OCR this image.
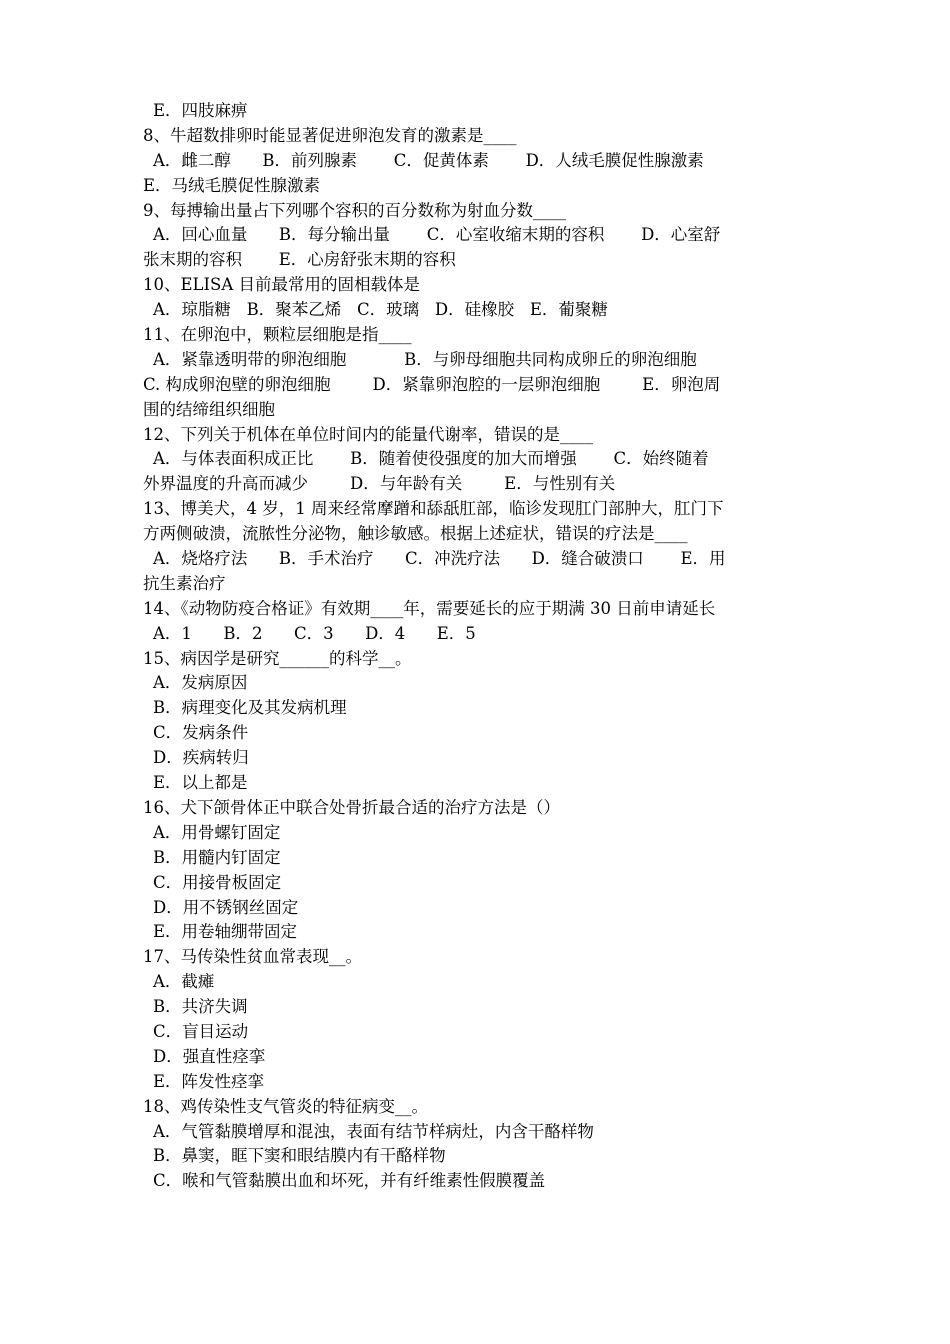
E．四肢麻痹
8、牛超数排卵时能显著促进卵泡发育的激素是____
A．雌二醇      B．前列腺素       C．促黄体素       D．人绒毛膜促性腺激素
E．马绒毛膜促性腺激素
9、每搏输出量占下列哪个容积的百分数称为射血分数____
A．回心血量      B．每分输出量       C．心室收缩末期的容积       D．心室舒
张末期的容积       E．心房舒张末期的容积
10、ELISA 目前最常用的固相载体是
A．琼脂糖   B．聚苯乙烯   C．玻璃   D．硅橡胶   E．葡聚糖
11、在卵泡中，颗粒层细胞是指____
A．紧靠透明带的卵泡细胞           B．与卵母细胞共同构成卵丘的卵泡细胞
C. 构成卵泡壁的卵泡细胞        D．紧靠卵泡腔的一层卵泡细胞        E．卵泡周
围的结缔组织细胞
12、下列关于机体在单位时间内的能量代谢率，错误的是____
A．与体表面积成正比       B．随着使役强度的加大而增强       C．始终随着
外界温度的升高而减少        D．与年龄有关        E．与性别有关
13、博美犬，4 岁，1 周来经常摩蹭和舔舐肛部，临诊发现肛门部肿大，肛门下
方两侧破溃，流脓性分泌物，触诊敏感。根据上述症状，错误的疗法是____
A．烧烙疗法      B．手术治疗      C．冲洗疗法      D．缝合破溃口       E．用
抗生素治疗
14、《动物防疫合格证》有效期____年，需要延长的应于期满 30 日前申请延长
A．1      B．2      C．3      D．4      E．5
15、病因学是研究______的科学__。
A．发病原因
B．病理变化及其发病机理
C．发病条件
D．疾病转归
E．以上都是
16、犬下颌骨体正中联合处骨折最合适的治疗方法是（）
A．用骨螺钉固定
B．用髓内钉固定
C．用接骨板固定
D．用不锈钢丝固定
E．用卷轴绷带固定
17、马传染性贫血常表现__。
A．截瘫
B．共济失调
C．盲目运动
D．强直性痉挛
E．阵发性痉挛
18、鸡传染性支气管炎的特征病变__。
A．气管黏膜增厚和混浊，表面有结节样病灶，内含干酪样物
B．鼻窦，眶下窦和眼结膜内有干酪样物
C．喉和气管黏膜出血和坏死，并有纤维素性假膜覆盖
